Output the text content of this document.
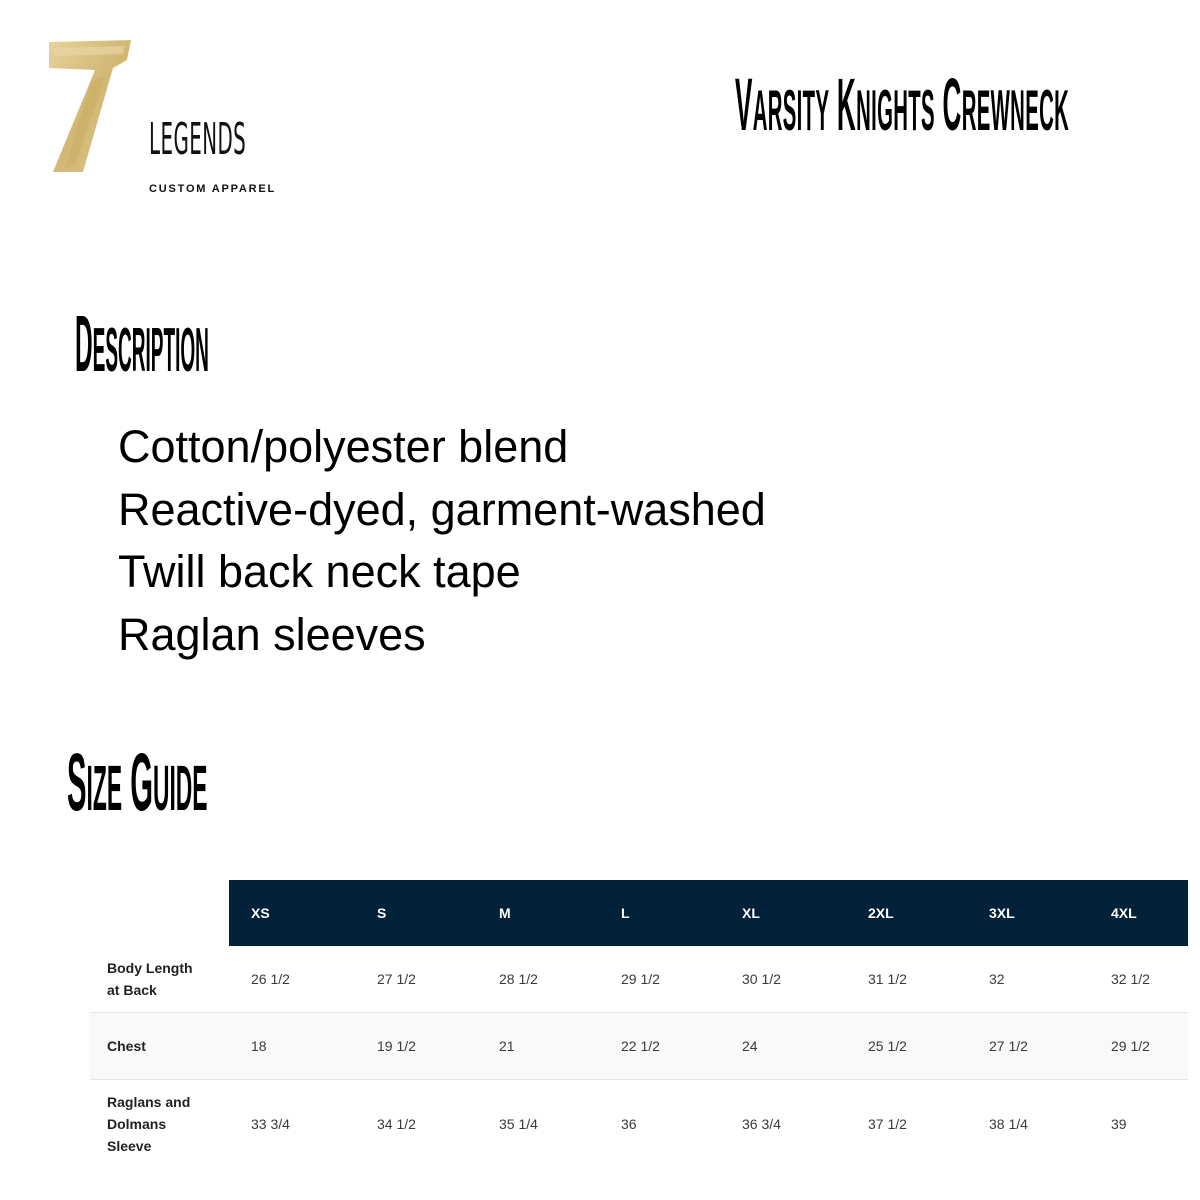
LEGENDS
CUSTOM APPAREL
VARSITY KNIGHTS CREWNECK
DESCRIPTION
Cotton/polyester blend
Reactive-dyed, garment-washed
Twill back neck tape
Raglan sleeves
SIZE GUIDE
	XS	S	M	L	XL	2XL	3XL	4XL
Body Length
at Back	26 1/2	27 1/2	28 1/2	29 1/2	30 1/2	31 1/2	32	32 1/2
Chest	18	19 1/2	21	22 1/2	24	25 1/2	27 1/2	29 1/2
Raglans and
Dolmans
Sleeve	33 3/4	34 1/2	35 1/4	36	36 3/4	37 1/2	38 1/4	39
